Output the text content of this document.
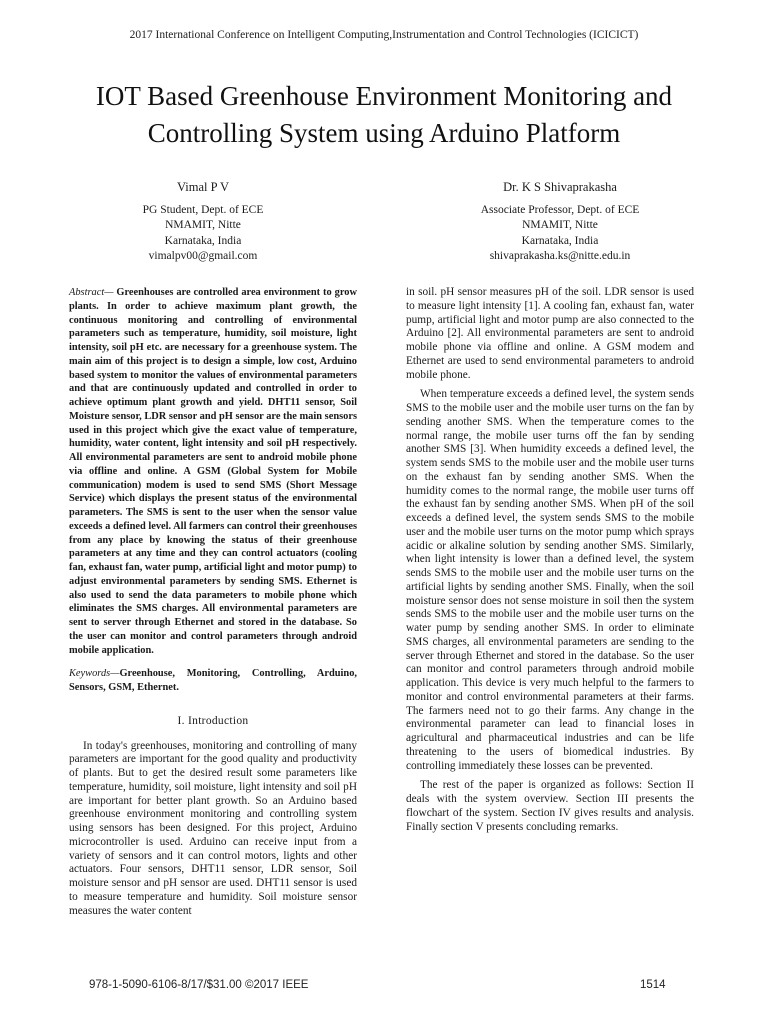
2017 International Conference on Intelligent Computing,Instrumentation and Control Technologies (ICICICT)
IOT Based Greenhouse Environment Monitoring and Controlling System using Arduino Platform
Vimal P V
PG Student, Dept. of ECE
NMAMIT, Nitte
Karnataka, India
vimalpv00@gmail.com
Dr. K S Shivaprakasha
Associate Professor, Dept. of ECE
NMAMIT, Nitte
Karnataka, India
shivaprakasha.ks@nitte.edu.in

Abstract— Greenhouses are controlled area environment to grow plants. In order to achieve maximum plant growth, the continuous monitoring and controlling of environmental parameters such as temperature, humidity, soil moisture, light intensity, soil pH etc. are necessary for a greenhouse system. The main aim of this project is to design a simple, low cost, Arduino based system to monitor the values of environmental parameters and that are continuously updated and controlled in order to achieve optimum plant growth and yield. DHT11 sensor, Soil Moisture sensor, LDR sensor and pH sensor are the main sensors used in this project which give the exact value of temperature, humidity, water content, light intensity and soil pH respectively. All environmental parameters are sent to android mobile phone via offline and online. A GSM (Global System for Mobile communication) modem is used to send SMS (Short Message Service) which displays the present status of the environmental parameters. The SMS is sent to the user when the sensor value exceeds a defined level. All farmers can control their greenhouses from any place by knowing the status of their greenhouse parameters at any time and they can control actuators (cooling fan, exhaust fan, water pump, artificial light and motor pump) to adjust environmental parameters by sending SMS. Ethernet is also used to send the data parameters to mobile phone which eliminates the SMS charges. All environmental parameters are sent to server through Ethernet and stored in the database. So the user can monitor and control parameters through android mobile application.

Keywords—Greenhouse, Monitoring, Controlling, Arduino, Sensors, GSM, Ethernet.

I. Introduction

In today's greenhouses, monitoring and controlling of many parameters are important for the good quality and productivity of plants. But to get the desired result some parameters like temperature, humidity, soil moisture, light intensity and soil pH are important for better plant growth. So an Arduino based greenhouse environment monitoring and controlling system using sensors has been designed. For this project, Arduino microcontroller is used. Arduino can receive input from a variety of sensors and it can control motors, lights and other actuators. Four sensors, DHT11 sensor, LDR sensor, Soil moisture sensor and pH sensor are used. DHT11 sensor is used to measure temperature and humidity. Soil moisture sensor measures the water content

in soil. pH sensor measures pH of the soil. LDR sensor is used to measure light intensity [1]. A cooling fan, exhaust fan, water pump, artificial light and motor pump are also connected to the Arduino [2]. All environmental parameters are sent to android mobile phone via offline and online. A GSM modem and Ethernet are used to send environmental parameters to android mobile phone.

When temperature exceeds a defined level, the system sends SMS to the mobile user and the mobile user turns on the fan by sending another SMS. When the temperature comes to the normal range, the mobile user turns off the fan by sending another SMS [3]. When humidity exceeds a defined level, the system sends SMS to the mobile user and the mobile user turns on the exhaust fan by sending another SMS. When the humidity comes to the normal range, the mobile user turns off the exhaust fan by sending another SMS. When pH of the soil exceeds a defined level, the system sends SMS to the mobile user and the mobile user turns on the motor pump which sprays acidic or alkaline solution by sending another SMS. Similarly, when light intensity is lower than a defined level, the system sends SMS to the mobile user and the mobile user turns on the artificial lights by sending another SMS. Finally, when the soil moisture sensor does not sense moisture in soil then the system sends SMS to the mobile user and the mobile user turns on the water pump by sending another SMS. In order to eliminate SMS charges, all environmental parameters are sending to the server through Ethernet and stored in the database. So the user can monitor and control parameters through android mobile application. This device is very much helpful to the farmers to monitor and control environmental parameters at their farms. The farmers need not to go their farms. Any change in the environmental parameter can lead to financial loses in agricultural and pharmaceutical industries and can be life threatening to the users of biomedical industries. By controlling immediately these losses can be prevented.

The rest of the paper is organized as follows: Section II deals with the system overview. Section III presents the flowchart of the system. Section IV gives results and analysis. Finally section V presents concluding remarks.

978-1-5090-6106-8/17/$31.00 ©2017 IEEE	1514
